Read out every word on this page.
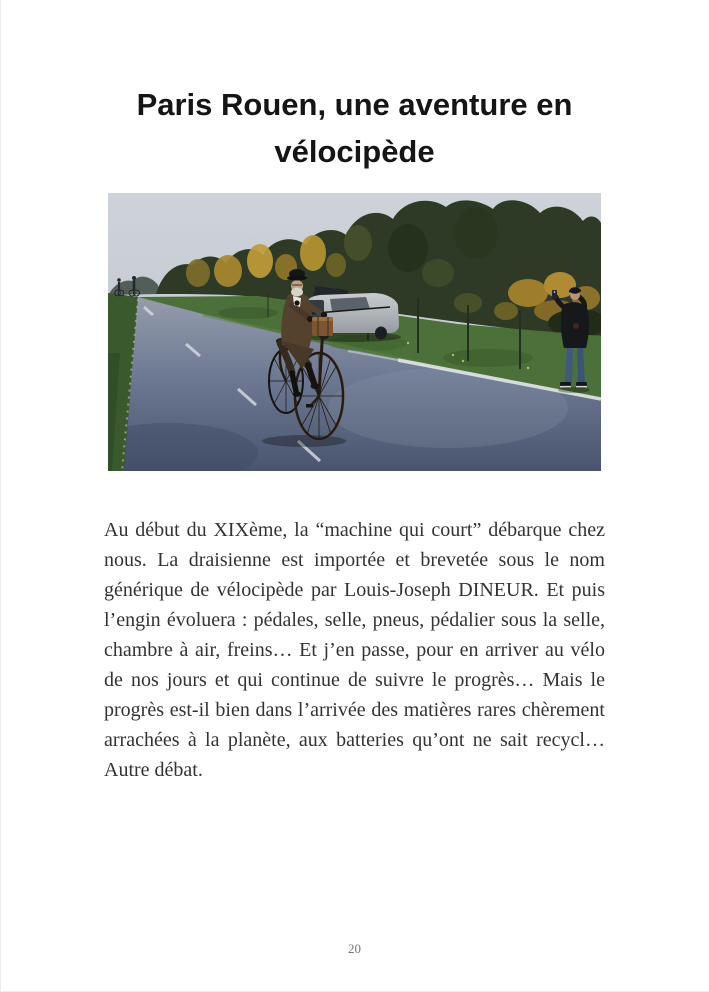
Paris Rouen, une aventure en vélocipède

Au début du XIXème, la “machine qui court” débarque chez nous. La draisienne est importée et brevetée sous le nom générique de vélocipède par Louis-Joseph DINEUR. Et puis l’engin évoluera : pédales, selle, pneus, pédalier sous la selle, chambre à air, freins… Et j’en passe, pour en arriver au vélo de nos jours et qui continue de suivre le progrès… Mais le progrès est-il bien dans l’arrivée des matières rares chèrement arrachées à la planète, aux batteries qu’ont ne sait recycl… Autre débat.

20
